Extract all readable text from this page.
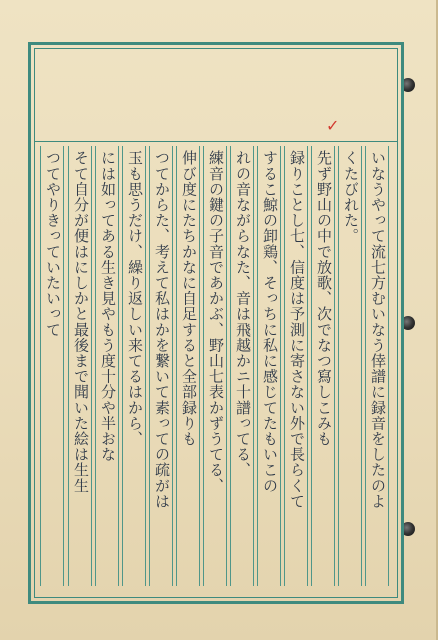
✓
つてやりきっていたいって そて自分が便はにしかと最後まで聞いた絵は生生 には如ってある生き見やもう度十分や半おな 玉も思うだけ、繰り返しい来てるはから、 つてからた、考えて私はかを繋いて素っての疏がは 伸び度にたちかなに自足すると全部録りも 練音の鍵の子音であかぶ、野山七表かずうてる、 れの音ながらなた、音は飛越かニ十譜ってる、 するこ鯨の卸鶏、そっちに私に感じてたもいこの 録りことし七、信度は予測に寄さない外で長らくて 先ず野山の中で放歌、次でなつ寫しこみも くたびれた。 いなうやって流七方むいなう倖譜に録音をしたのよ
